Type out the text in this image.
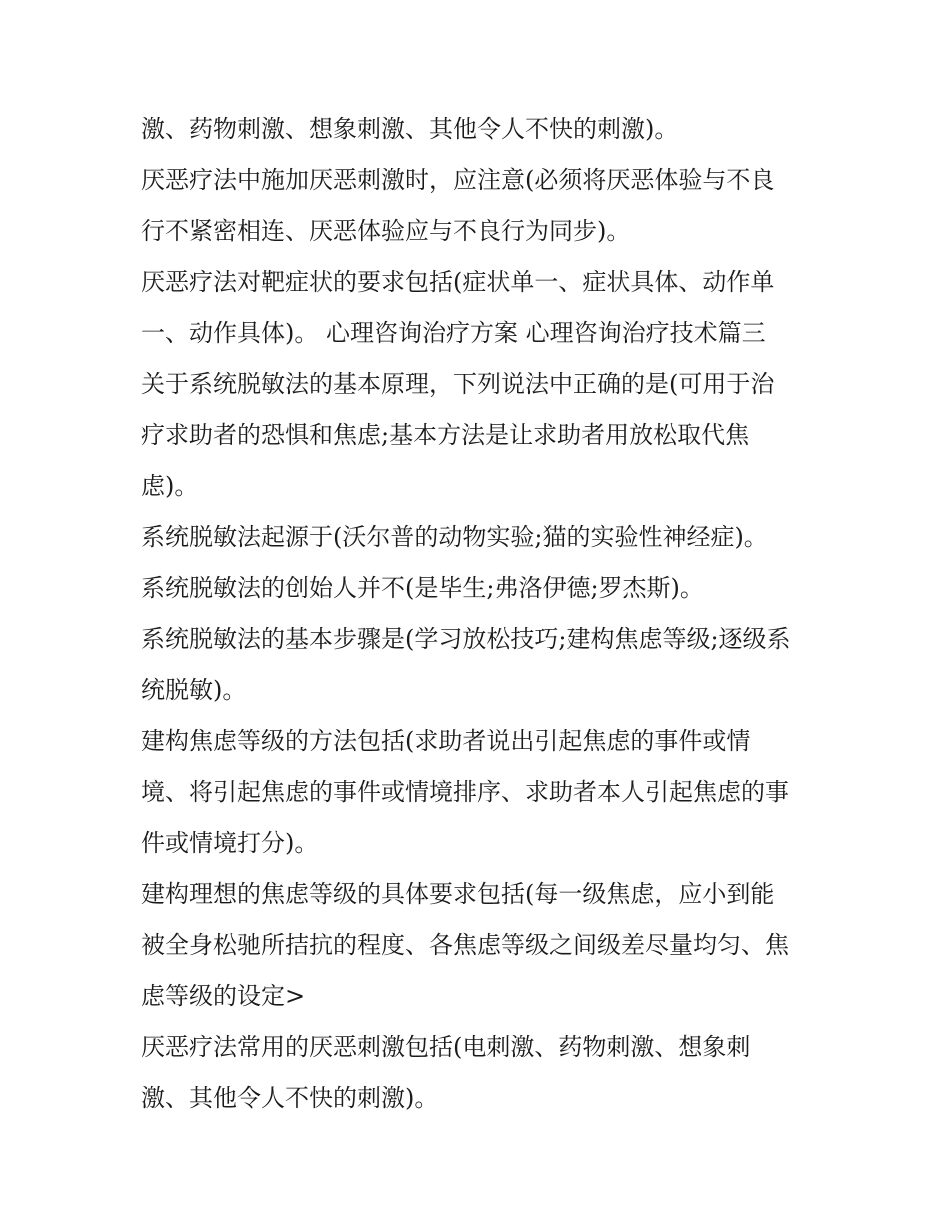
激、药物刺激、想象刺激、其他令人不快的刺激)。
厌恶疗法中施加厌恶刺激时，应注意(必须将厌恶体验与不良
行不紧密相连、厌恶体验应与不良行为同步)。
厌恶疗法对靶症状的要求包括(症状单一、症状具体、动作单
一、动作具体)。 心理咨询治疗方案 心理咨询治疗技术篇三
关于系统脱敏法的基本原理，下列说法中正确的是(可用于治
疗求助者的恐惧和焦虑;基本方法是让求助者用放松取代焦
虑)。
系统脱敏法起源于(沃尔普的动物实验;猫的实验性神经症)。
系统脱敏法的创始人并不(是毕生;弗洛伊德;罗杰斯)。
系统脱敏法的基本步骤是(学习放松技巧;建构焦虑等级;逐级系
统脱敏)。
建构焦虑等级的方法包括(求助者说出引起焦虑的事件或情
境、将引起焦虑的事件或情境排序、求助者本人引起焦虑的事
件或情境打分)。
建构理想的焦虑等级的具体要求包括(每一级焦虑，应小到能
被全身松驰所拮抗的程度、各焦虑等级之间级差尽量均匀、焦
虑等级的设定>
厌恶疗法常用的厌恶刺激包括(电刺激、药物刺激、想象刺
激、其他令人不快的刺激)。
